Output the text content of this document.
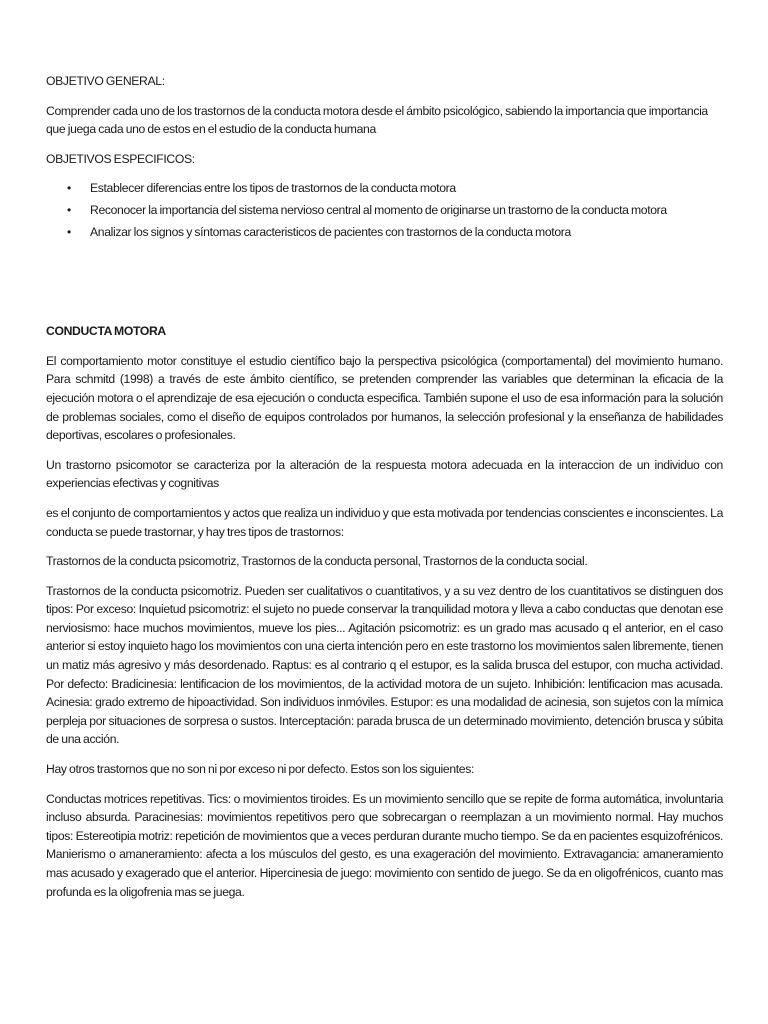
OBJETIVO GENERAL:

Comprender cada uno de los trastornos de la conducta motora desde el ámbito psicológico, sabiendo la importancia que importancia que juega cada uno de estos en el estudio de la conducta humana

OBJETIVOS ESPECIFICOS:
• Establecer diferencias entre los tipos de trastornos de la conducta motora
• Reconocer la importancia del sistema nervioso central al momento de originarse un trastorno de la conducta motora
• Analizar los signos y síntomas caracteristicos de pacientes con trastornos de la conducta motora
CONDUCTA MOTORA

El comportamiento motor constituye el estudio científico bajo la perspectiva psicológica (comportamental) del movimiento humano. Para schmitd (1998) a través de este ámbito científico, se pretenden comprender las variables que determinan la eficacia de la ejecución motora o el aprendizaje de esa ejecución o conducta especifica. También supone el uso de esa información para la solución de problemas sociales, como el diseño de equipos controlados por humanos, la selección profesional y la enseñanza de habilidades deportivas, escolares o profesionales.

Un trastorno psicomotor se caracteriza por la alteración de la respuesta motora adecuada en la interaccion de un individuo con experiencias efectivas y cognitivas

es el conjunto de comportamientos y actos que realiza un individuo y que esta motivada por tendencias conscientes e inconscientes. La conducta se puede trastornar, y hay tres tipos de trastornos:

Trastornos de la conducta psicomotriz, Trastornos de la conducta personal, Trastornos de la conducta social.

Trastornos de la conducta psicomotriz. Pueden ser cualitativos o cuantitativos, y a su vez dentro de los cuantitativos se distinguen dos tipos: Por exceso: Inquietud psicomotriz: el sujeto no puede conservar la tranquilidad motora y lleva a cabo conductas que denotan ese nerviosismo: hace muchos movimientos, mueve los pies... Agitación psicomotriz: es un grado mas acusado q el anterior, en el caso anterior si estoy inquieto hago los movimientos con una cierta intención pero en este trastorno los movimientos salen libremente, tienen un matiz más agresivo y más desordenado. Raptus: es al contrario q el estupor, es la salida brusca del estupor, con mucha actividad. Por defecto: Bradicinesia: lentificacion de los movimientos, de la actividad motora de un sujeto. Inhibición: lentificacion mas acusada. Acinesia: grado extremo de hipoactividad. Son individuos inmóviles. Estupor: es una modalidad de acinesia, son sujetos con la mímica perpleja por situaciones de sorpresa o sustos. Interceptación: parada brusca de un determinado movimiento, detención brusca y súbita de una acción.

Hay otros trastornos que no son ni por exceso ni por defecto. Estos son los siguientes:

Conductas motrices repetitivas. Tics: o movimientos tiroides. Es un movimiento sencillo que se repite de forma automática, involuntaria incluso absurda. Paracinesias: movimientos repetitivos pero que sobrecargan o reemplazan a un movimiento normal. Hay muchos tipos: Estereotipia motriz: repetición de movimientos que a veces perduran durante mucho tiempo. Se da en pacientes esquizofrénicos. Manierismo o amaneramiento: afecta a los músculos del gesto, es una exageración del movimiento. Extravagancia: amaneramiento mas acusado y exagerado que el anterior. Hipercinesia de juego: movimiento con sentido de juego. Se da en oligofrénicos, cuanto mas profunda es la oligofrenia mas se juega.
